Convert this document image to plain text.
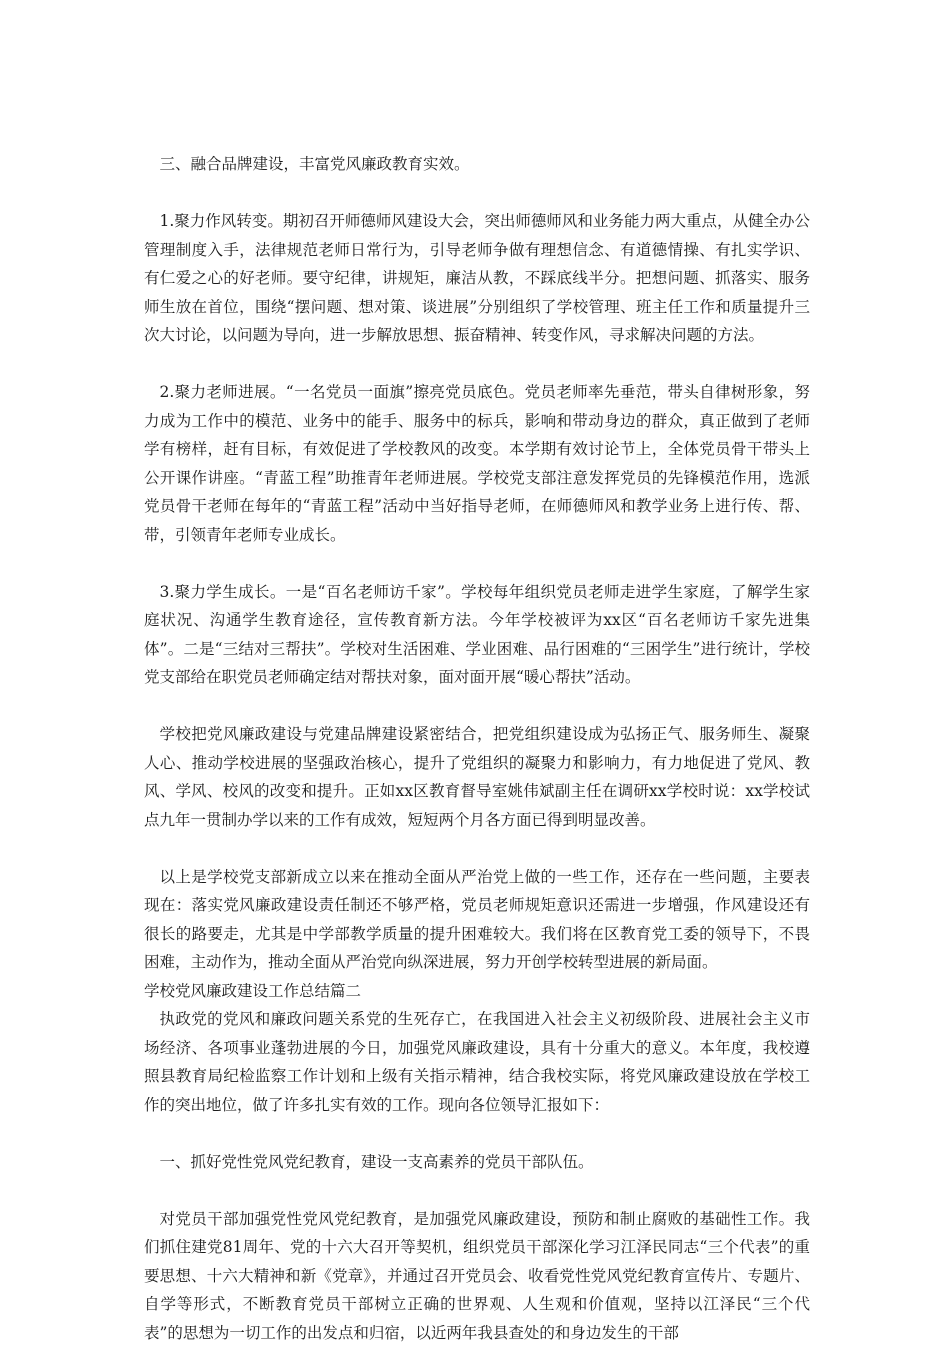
三、融合品牌建设，丰富党风廉政教育实效。

1.聚力作风转变。期初召开师德师风建设大会，突出师德师风和业务能力两大重点，从健全办公管理制度入手，法律规范老师日常行为，引导老师争做有理想信念、有道德情操、有扎实学识、有仁爱之心的好老师。要守纪律，讲规矩，廉洁从教，不踩底线半分。把想问题、抓落实、服务师生放在首位，围绕“摆问题、想对策、谈进展”分别组织了学校管理、班主任工作和质量提升三次大讨论，以问题为导向，进一步解放思想、振奋精神、转变作风，寻求解决问题的方法。

2.聚力老师进展。“一名党员一面旗”擦亮党员底色。党员老师率先垂范，带头自律树形象，努力成为工作中的模范、业务中的能手、服务中的标兵，影响和带动身边的群众，真正做到了老师学有榜样，赶有目标，有效促进了学校教风的改变。本学期有效讨论节上，全体党员骨干带头上公开课作讲座。“青蓝工程”助推青年老师进展。学校党支部注意发挥党员的先锋模范作用，选派党员骨干老师在每年的“青蓝工程”活动中当好指导老师，在师德师风和教学业务上进行传、帮、带，引领青年老师专业成长。

3.聚力学生成长。一是“百名老师访千家”。学校每年组织党员老师走进学生家庭，了解学生家庭状况、沟通学生教育途径，宣传教育新方法。今年学校被评为xx区“百名老师访千家先进集体”。二是“三结对三帮扶”。学校对生活困难、学业困难、品行困难的“三困学生”进行统计，学校党支部给在职党员老师确定结对帮扶对象，面对面开展“暖心帮扶”活动。

学校把党风廉政建设与党建品牌建设紧密结合，把党组织建设成为弘扬正气、服务师生、凝聚人心、推动学校进展的坚强政治核心，提升了党组织的凝聚力和影响力，有力地促进了党风、教风、学风、校风的改变和提升。正如xx区教育督导室姚伟斌副主任在调研xx学校时说：xx学校试点九年一贯制办学以来的工作有成效，短短两个月各方面已得到明显改善。

以上是学校党支部新成立以来在推动全面从严治党上做的一些工作，还存在一些问题，主要表现在：落实党风廉政建设责任制还不够严格，党员老师规矩意识还需进一步增强，作风建设还有很长的路要走，尤其是中学部教学质量的提升困难较大。我们将在区教育党工委的领导下，不畏困难，主动作为，推动全面从严治党向纵深进展，努力开创学校转型进展的新局面。

学校党风廉政建设工作总结篇二

执政党的党风和廉政问题关系党的生死存亡，在我国进入社会主义初级阶段、进展社会主义市场经济、各项事业蓬勃进展的今日，加强党风廉政建设，具有十分重大的意义。本年度，我校遵照县教育局纪检监察工作计划和上级有关指示精神，结合我校实际，将党风廉政建设放在学校工作的突出地位，做了许多扎实有效的工作。现向各位领导汇报如下：

一、抓好党性党风党纪教育，建设一支高素养的党员干部队伍。

对党员干部加强党性党风党纪教育，是加强党风廉政建设，预防和制止腐败的基础性工作。我们抓住建党81周年、党的十六大召开等契机，组织党员干部深化学习江泽民同志“三个代表”的重要思想、十六大精神和新《党章》，并通过召开党员会、收看党性党风党纪教育宣传片、专题片、自学等形式，不断教育党员干部树立正确的世界观、人生观和价值观，坚持以江泽民“三个代表”的思想为一切工作的出发点和归宿，以近两年我县查处的和身边发生的干部
